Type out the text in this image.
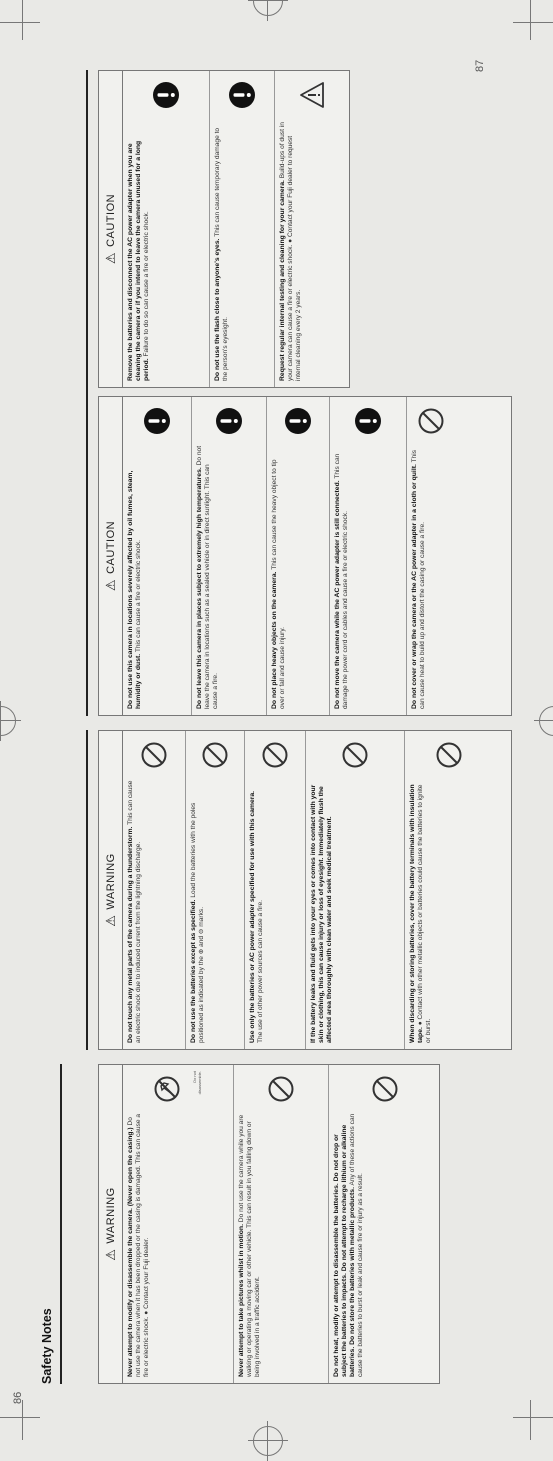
86
87
Safety Notes
⚠WARNING	Never attempt to modify or disassemble the camera. (Never open the casing.) Do not use the camera when it has been dropped or the casing is damaged. This can cause a fire or electric shock. ● Contact your Fuji dealer.
Do not disassemble.
Never attempt to take pictures whilst in motion. Do not use the camera while you are walking or operating a moving car or other vehicle. This can result in you falling down or being involved in a traffic accident.	Do not heat, modify or attempt to disassemble the batteries. Do not drop or subject the batteries to impacts. Do not attempt to recharge lithium or alkaline batteries. Do not store the batteries with metallic products. Any of these actions can cause the batteries to burst or leak and cause fire or injury as a result.
⚠WARNING	Do not touch any metal parts of the camera during a thunderstorm. This can cause an electric shock due to induced current from the lightning discharge.	Do not use the batteries except as specified. Load the batteries with the poles positioned as indicated by the ⊕ and ⊖ marks.	Use only the batteries or AC power adapter specified for use with this camera. The use of other power sources can cause a fire.	If the battery leaks and fluid gets into your eyes or comes into contact with your skin or clothing, this can cause injury or loss of eyesight. Immediately flush the affected area thoroughly with clean water and seek medical treatment.	When discarding or storing batteries, cover the battery terminals with insulation tape. ● Contact with other metallic objects or batteries could cause the batteries to ignite or burst.
⚠CAUTION	Do not use this camera in locations severely affected by oil fumes, steam, humidity or dust. This can cause a fire or electric shock.	Do not leave this camera in places subject to extremely high temperatures. Do not leave the camera in locations such as a sealed vehicle or in direct sunlight. This can cause a fire.	Do not place heavy objects on the camera. This can cause the heavy object to tip over or fall and cause injury.	Do not move the camera while the AC power adapter is still connected. This can damage the power cord or cables and cause a fire or electric shock.	Do not cover or wrap the camera or the AC power adapter in a cloth or quilt. This can cause heat to build up and distort the casing or cause a fire.
⚠CAUTION	Remove the batteries and disconnect the AC power adapter when you are cleaning the camera or if you intend to leave the camera unused for a long period. Failure to do so can cause a fire or electric shock.	Do not use the flash close to anyone's eyes. This can cause temporary damage to the person's eyesight.	Request regular internal testing and cleaning for your camera. Build-ups of dust in your camera can cause a fire or electric shock. ● Contact your Fuji dealer to request internal cleaning every 2 years.
